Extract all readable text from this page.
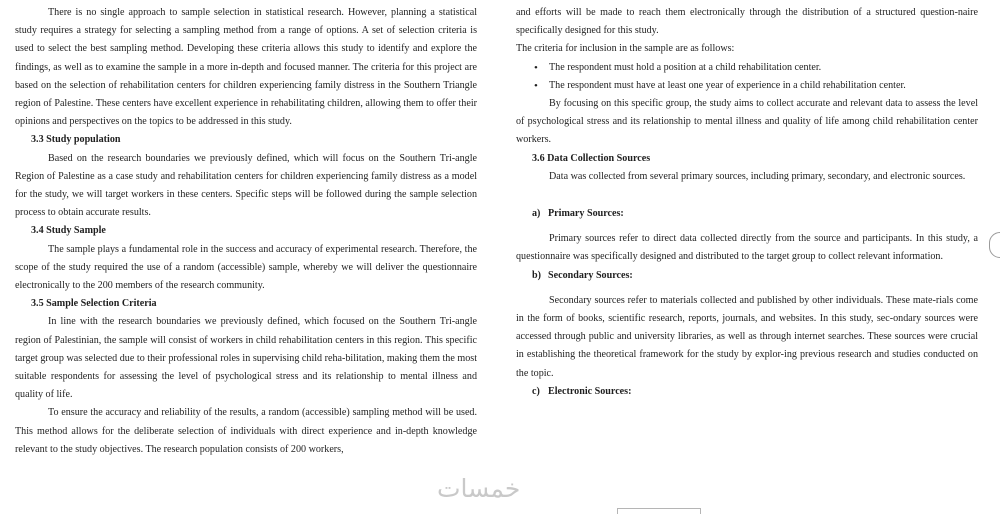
There is no single approach to sample selection in statistical research. However, planning a statistical study requires a strategy for selecting a sampling method from a range of options. A set of selection criteria is used to select the best sampling method. Developing these criteria allows this study to identify and explore the findings, as well as to examine the sample in a more in-depth and focused manner. The criteria for this project are based on the selection of rehabilitation centers for children experiencing family distress in the Southern Triangle region of Palestine. These centers have excellent experience in rehabilitating children, allowing them to offer their opinions and perspectives on the topics to be addressed in this study.

3.3 Study population

Based on the research boundaries we previously defined, which will focus on the Southern Tri-angle Region of Palestine as a case study and rehabilitation centers for children experiencing family distress as a model for the study, we will target workers in these centers. Specific steps will be followed during the sample selection process to obtain accurate results.

3.4 Study Sample

The sample plays a fundamental role in the success and accuracy of experimental research. Therefore, the scope of the study required the use of a random (accessible) sample, whereby we will deliver the questionnaire electronically to the 200 members of the research community.

3.5 Sample Selection Criteria

In line with the research boundaries we previously defined, which focused on the Southern Tri-angle region of Palestinian, the sample will consist of workers in child rehabilitation centers in this region. This specific target group was selected due to their professional roles in supervising child reha-bilitation, making them the most suitable respondents for assessing the level of psychological stress and its relationship to mental illness and quality of life.

To ensure the accuracy and reliability of the results, a random (accessible) sampling method will be used. This method allows for the deliberate selection of individuals with direct experience and in-depth knowledge relevant to the study objectives. The research population consists of 200 workers,

and efforts will be made to reach them electronically through the distribution of a structured question-naire specifically designed for this study.

The criteria for inclusion in the sample are as follows:

• The respondent must hold a position at a child rehabilitation center.
• The respondent must have at least one year of experience in a child rehabilitation center.

By focusing on this specific group, the study aims to collect accurate and relevant data to assess the level of psychological stress and its relationship to mental illness and quality of life among child rehabilitation center workers.

3.6 Data Collection Sources

Data was collected from several primary sources, including primary, secondary, and electronic sources.

a) Primary Sources:

Primary sources refer to direct data collected directly from the source and participants. In this study, a questionnaire was specifically designed and distributed to the target group to collect relevant information.

b) Secondary Sources:

Secondary sources refer to materials collected and published by other individuals. These mate-rials come in the form of books, scientific research, reports, journals, and websites. In this study, sec-ondary sources were accessed through public and university libraries, as well as through internet searches. These sources were crucial in establishing the theoretical framework for the study by explor-ing previous research and studies conducted on the topic.

c) Electronic Sources:

خمسات
